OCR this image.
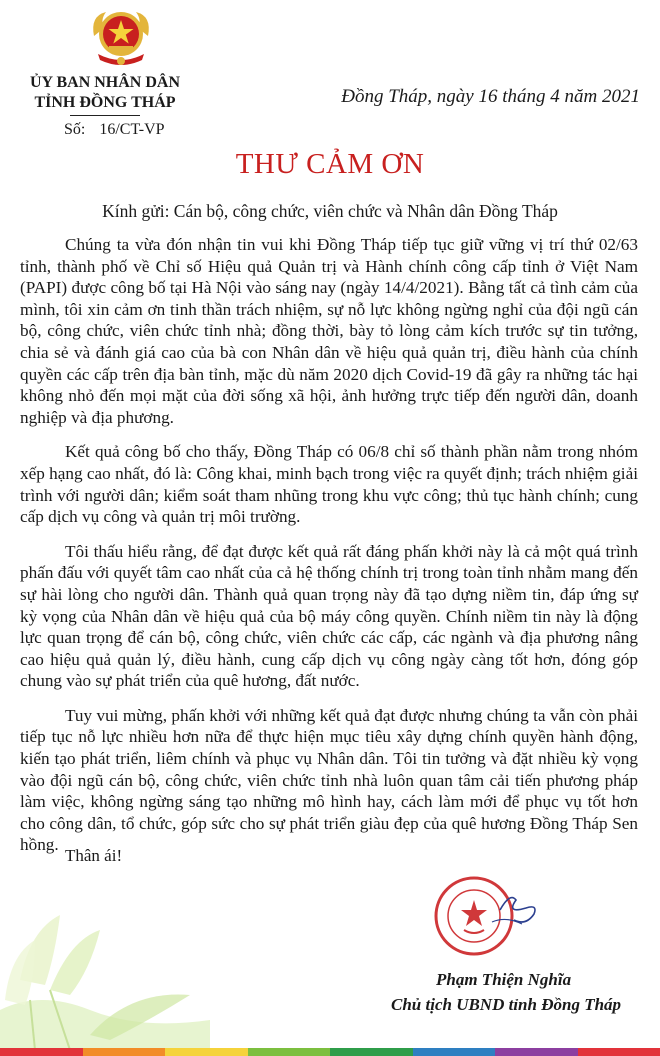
ỦY BAN NHÂN DÂN
TỈNH ĐỒNG THÁP
Số: 16/CT-VP
Đồng Tháp, ngày 16 tháng 4 năm 2021
THƯ CẢM ƠN
Kính gửi: Cán bộ, công chức, viên chức và Nhân dân Đồng Tháp

Chúng ta vừa đón nhận tin vui khi Đồng Tháp tiếp tục giữ vững vị trí thứ 02/63 tỉnh, thành phố về Chỉ số Hiệu quả Quản trị và Hành chính công cấp tỉnh ở Việt Nam (PAPI) được công bố tại Hà Nội vào sáng nay (ngày 14/4/2021). Bằng tất cả tình cảm của mình, tôi xin cảm ơn tinh thần trách nhiệm, sự nỗ lực không ngừng nghỉ của đội ngũ cán bộ, công chức, viên chức tỉnh nhà; đồng thời, bày tỏ lòng cảm kích trước sự tin tưởng, chia sẻ và đánh giá cao của bà con Nhân dân về hiệu quả quản trị, điều hành của chính quyền các cấp trên địa bàn tỉnh, mặc dù năm 2020 dịch Covid-19 đã gây ra những tác hại không nhỏ đến mọi mặt của đời sống xã hội, ảnh hưởng trực tiếp đến người dân, doanh nghiệp và địa phương.

Kết quả công bố cho thấy, Đồng Tháp có 06/8 chỉ số thành phần nằm trong nhóm xếp hạng cao nhất, đó là: Công khai, minh bạch trong việc ra quyết định; trách nhiệm giải trình với người dân; kiểm soát tham nhũng trong khu vực công; thủ tục hành chính; cung cấp dịch vụ công và quản trị môi trường.

Tôi thấu hiểu rằng, để đạt được kết quả rất đáng phấn khởi này là cả một quá trình phấn đấu với quyết tâm cao nhất của cả hệ thống chính trị trong toàn tỉnh nhằm mang đến sự hài lòng cho người dân. Thành quả quan trọng này đã tạo dựng niềm tin, đáp ứng sự kỳ vọng của Nhân dân về hiệu quả của bộ máy công quyền. Chính niềm tin này là động lực quan trọng để cán bộ, công chức, viên chức các cấp, các ngành và địa phương nâng cao hiệu quả quản lý, điều hành, cung cấp dịch vụ công ngày càng tốt hơn, đóng góp chung vào sự phát triển của quê hương, đất nước.

Tuy vui mừng, phấn khởi với những kết quả đạt được nhưng chúng ta vẫn còn phải tiếp tục nỗ lực nhiều hơn nữa để thực hiện mục tiêu xây dựng chính quyền hành động, kiến tạo phát triển, liêm chính và phục vụ Nhân dân. Tôi tin tưởng và đặt nhiều kỳ vọng vào đội ngũ cán bộ, công chức, viên chức tỉnh nhà luôn quan tâm cải tiến phương pháp làm việc, không ngừng sáng tạo những mô hình hay, cách làm mới để phục vụ tốt hơn cho công dân, tổ chức, góp sức cho sự phát triển giàu đẹp của quê hương Đồng Tháp Sen hồng.

Thân ái!
Phạm Thiện Nghĩa
Chủ tịch UBND tỉnh Đồng Tháp
